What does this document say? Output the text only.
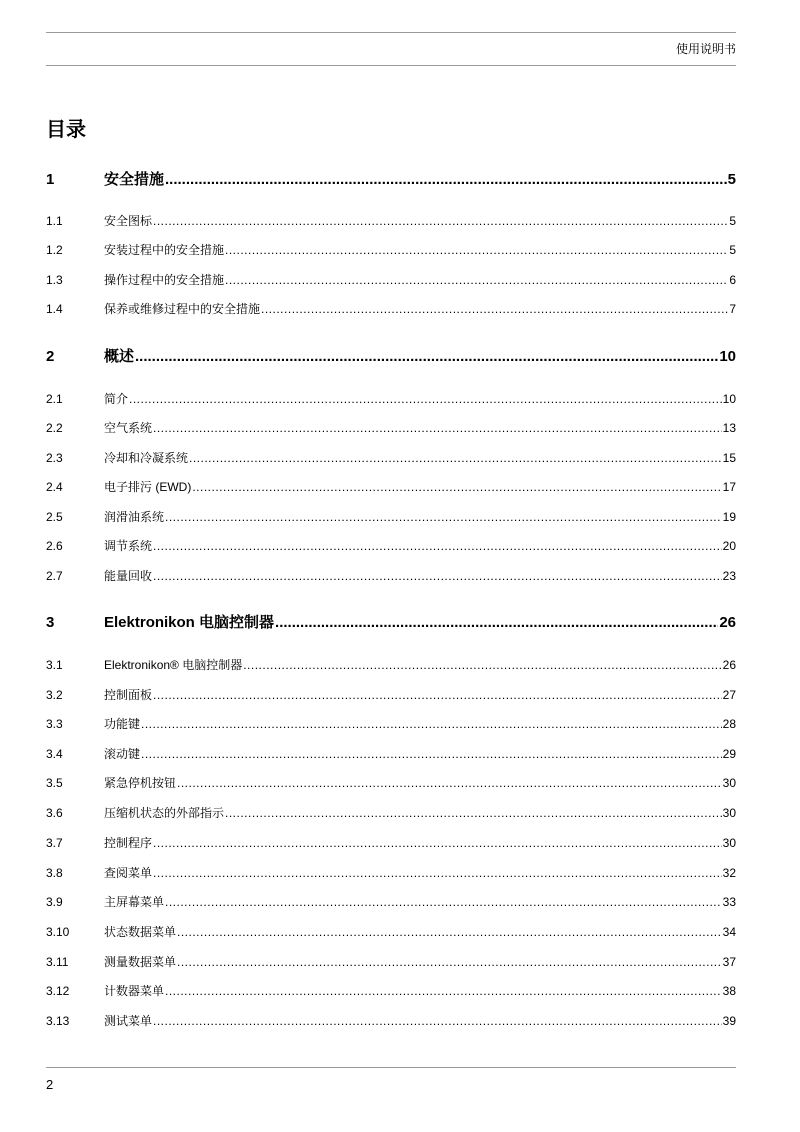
使用说明书
目录
1	安全措施 .....	5
1.1	安全图标 .....	5
1.2	安装过程中的安全措施 .....	5
1.3	操作过程中的安全措施 .....	6
1.4	保养或维修过程中的安全措施 .....	7
2	概述 .....	10
2.1	简介 .....	10
2.2	空气系统 .....	13
2.3	冷却和冷凝系统 .....	15
2.4	电子排污 (EWD) .....	17
2.5	润滑油系统 .....	19
2.6	调节系统 .....	20
2.7	能量回收 .....	23
3	Elektronikon 电脑控制器 .....	26
3.1	Elektronikon® 电脑控制器 .....	26
3.2	控制面板 .....	27
3.3	功能键 .....	28
3.4	滚动键 .....	29
3.5	紧急停机按钮 .....	30
3.6	压缩机状态的外部指示 .....	30
3.7	控制程序 .....	30
3.8	查阅菜单 .....	32
3.9	主屏幕菜单 .....	33
3.10	状态数据菜单 .....	34
3.11	测量数据菜单 .....	37
3.12	计数器菜单 .....	38
3.13	测试菜单 .....	39
2
